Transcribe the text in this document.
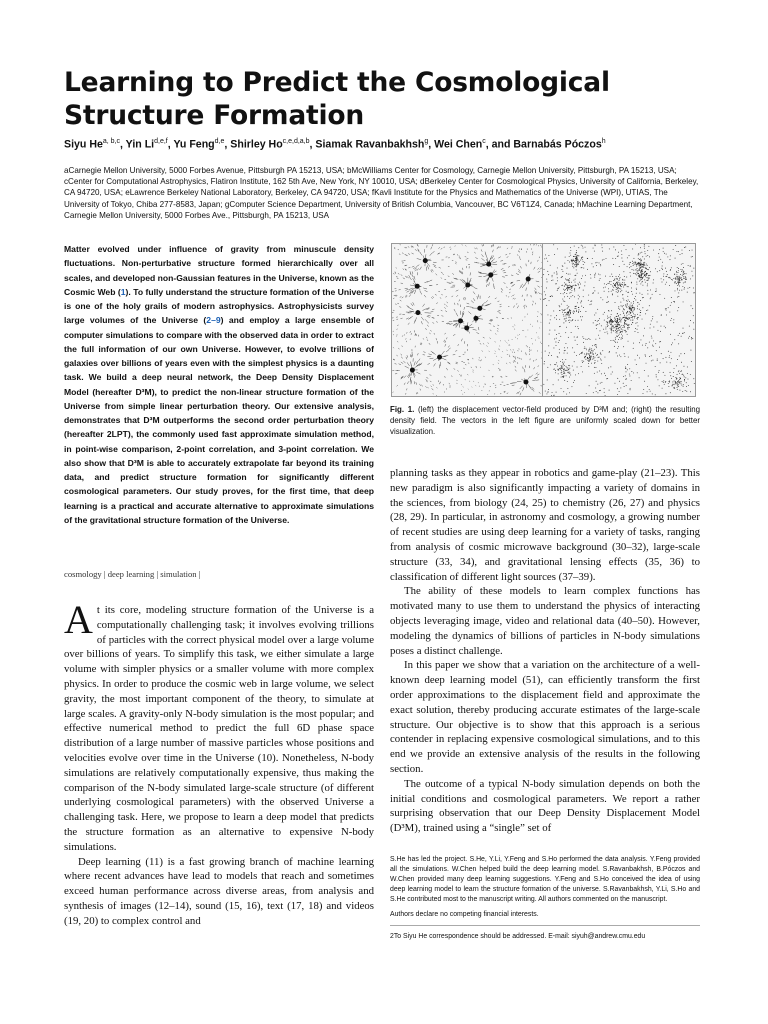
Learning to Predict the Cosmological Structure Formation
Siyu He$^{a, b,c}$, Yin Li$^{d,e,f}$, Yu Feng$^{d,e}$, Shirley Ho$^{c,e,d,a,b}$, Siamak Ravanbakhsh$^g$, Wei Chen$^c$, and Barnabás Póczos$^h$
aCarnegie Mellon University, 5000 Forbes Avenue, Pittsburgh PA 15213, USA; bMcWilliams Center for Cosmology, Carnegie Mellon University, Pittsburgh, PA 15213, USA; cCenter for Computational Astrophysics, Flatiron Institute, 162 5th Ave, New York, NY 10010, USA; dBerkeley Center for Cosmological Physics, University of California, Berkeley, CA 94720, USA; eLawrence Berkeley National Laboratory, Berkeley, CA 94720, USA; fKavli Institute for the Physics and Mathematics of the Universe (WPI), UTIAS, The University of Tokyo, Chiba 277-8583, Japan; gComputer Science Department, University of British Columbia, Vancouver, BC V6T1Z4, Canada; hMachine Learning Department, Carnegie Mellon University, 5000 Forbes Ave., Pittsburgh, PA 15213, USA
Matter evolved under influence of gravity from minuscule density fluctuations. Non-perturbative structure formed hierarchically over all scales, and developed non-Gaussian features in the Universe, known as the Cosmic Web (1). To fully understand the structure formation of the Universe is one of the holy grails of modern astrophysics. Astrophysicists survey large volumes of the Universe (2–9) and employ a large ensemble of computer simulations to compare with the observed data in order to extract the full information of our own Universe. However, to evolve trillions of galaxies over billions of years even with the simplest physics is a daunting task. We build a deep neural network, the Deep Density Displacement Model (hereafter D³M), to predict the non-linear structure formation of the Universe from simple linear perturbation theory. Our extensive analysis, demonstrates that D³M outperforms the second order perturbation theory (hereafter 2LPT), the commonly used fast approximate simulation method, in point-wise comparison, 2-point correlation, and 3-point correlation. We also show that D³M is able to accurately extrapolate far beyond its training data, and predict structure formation for significantly different cosmological parameters. Our study proves, for the first time, that deep learning is a practical and accurate alternative to approximate simulations of the gravitational structure formation of the Universe.
cosmology | deep learning | simulation |

At its core, modeling structure formation of the Universe is a computationally challenging task; it involves evolving trillions of particles with the correct physical model over a large volume over billions of years. To simplify this task, we either simulate a large volume with simpler physics or a smaller volume with more complex physics. In order to produce the cosmic web in large volume, we select gravity, the most important component of the theory, to simulate at large scales. A gravity-only N-body simulation is the most popular; and effective numerical method to predict the full 6D phase space distribution of a large number of massive particles whose positions and velocities evolve over time in the Universe (10). Nonetheless, N-body simulations are relatively computationally expensive, thus making the comparison of the N-body simulated large-scale structure (of different underlying cosmological parameters) with the observed Universe a challenging task. Here, we propose to learn a deep model that predicts the structure formation as an alternative to expensive N-body simulations.

Deep learning (11) is a fast growing branch of machine learning where recent advances have lead to models that reach and sometimes exceed human performance across diverse areas, from analysis and synthesis of images (12–14), sound (15, 16), text (17, 18) and videos (19, 20) to complex control and

Fig. 1. (left) the displacement vector-field produced by D³M and; (right) the resulting density field. The vectors in the left figure are uniformly scaled down for better visualization.

planning tasks as they appear in robotics and game-play (21–23). This new paradigm is also significantly impacting a variety of domains in the sciences, from biology (24, 25) to chemistry (26, 27) and physics (28, 29). In particular, in astronomy and cosmology, a growing number of recent studies are using deep learning for a variety of tasks, ranging from analysis of cosmic microwave background (30–32), large-scale structure (33, 34), and gravitational lensing effects (35, 36) to classification of different light sources (37–39).

The ability of these models to learn complex functions has motivated many to use them to understand the physics of interacting objects leveraging image, video and relational data (40–50). However, modeling the dynamics of billions of particles in N-body simulations poses a distinct challenge.

In this paper we show that a variation on the architecture of a well-known deep learning model (51), can efficiently transform the first order approximations to the displacement field and approximate the exact solution, thereby producing accurate estimates of the large-scale structure. Our objective is to show that this approach is a serious contender in replacing expensive cosmological simulations, and to this end we provide an extensive analysis of the results in the following section.

The outcome of a typical N-body simulation depends on both the initial conditions and cosmological parameters. We report a rather surprising observation that our Deep Density Displacement Model (D³M), trained using a “single” set of

S.He has led the project. S.He, Y.Li, Y.Feng and S.Ho performed the data analysis. Y.Feng provided all the simulations. W.Chen helped build the deep learning model. S.Ravanbakhsh, B.Póczos and W.Chen provided many deep learning suggestions. Y.Feng and S.Ho conceived the idea of using deep learning model to learn the structure formation of the universe. S.Ravanbakhsh, Y.Li, S.Ho and S.He contributed most to the manuscript writing. All authors commented on the manuscript.

Authors declare no competing financial interests.

2To Siyu He correspondence should be addressed. E-mail: siyuh@andrew.cmu.edu
